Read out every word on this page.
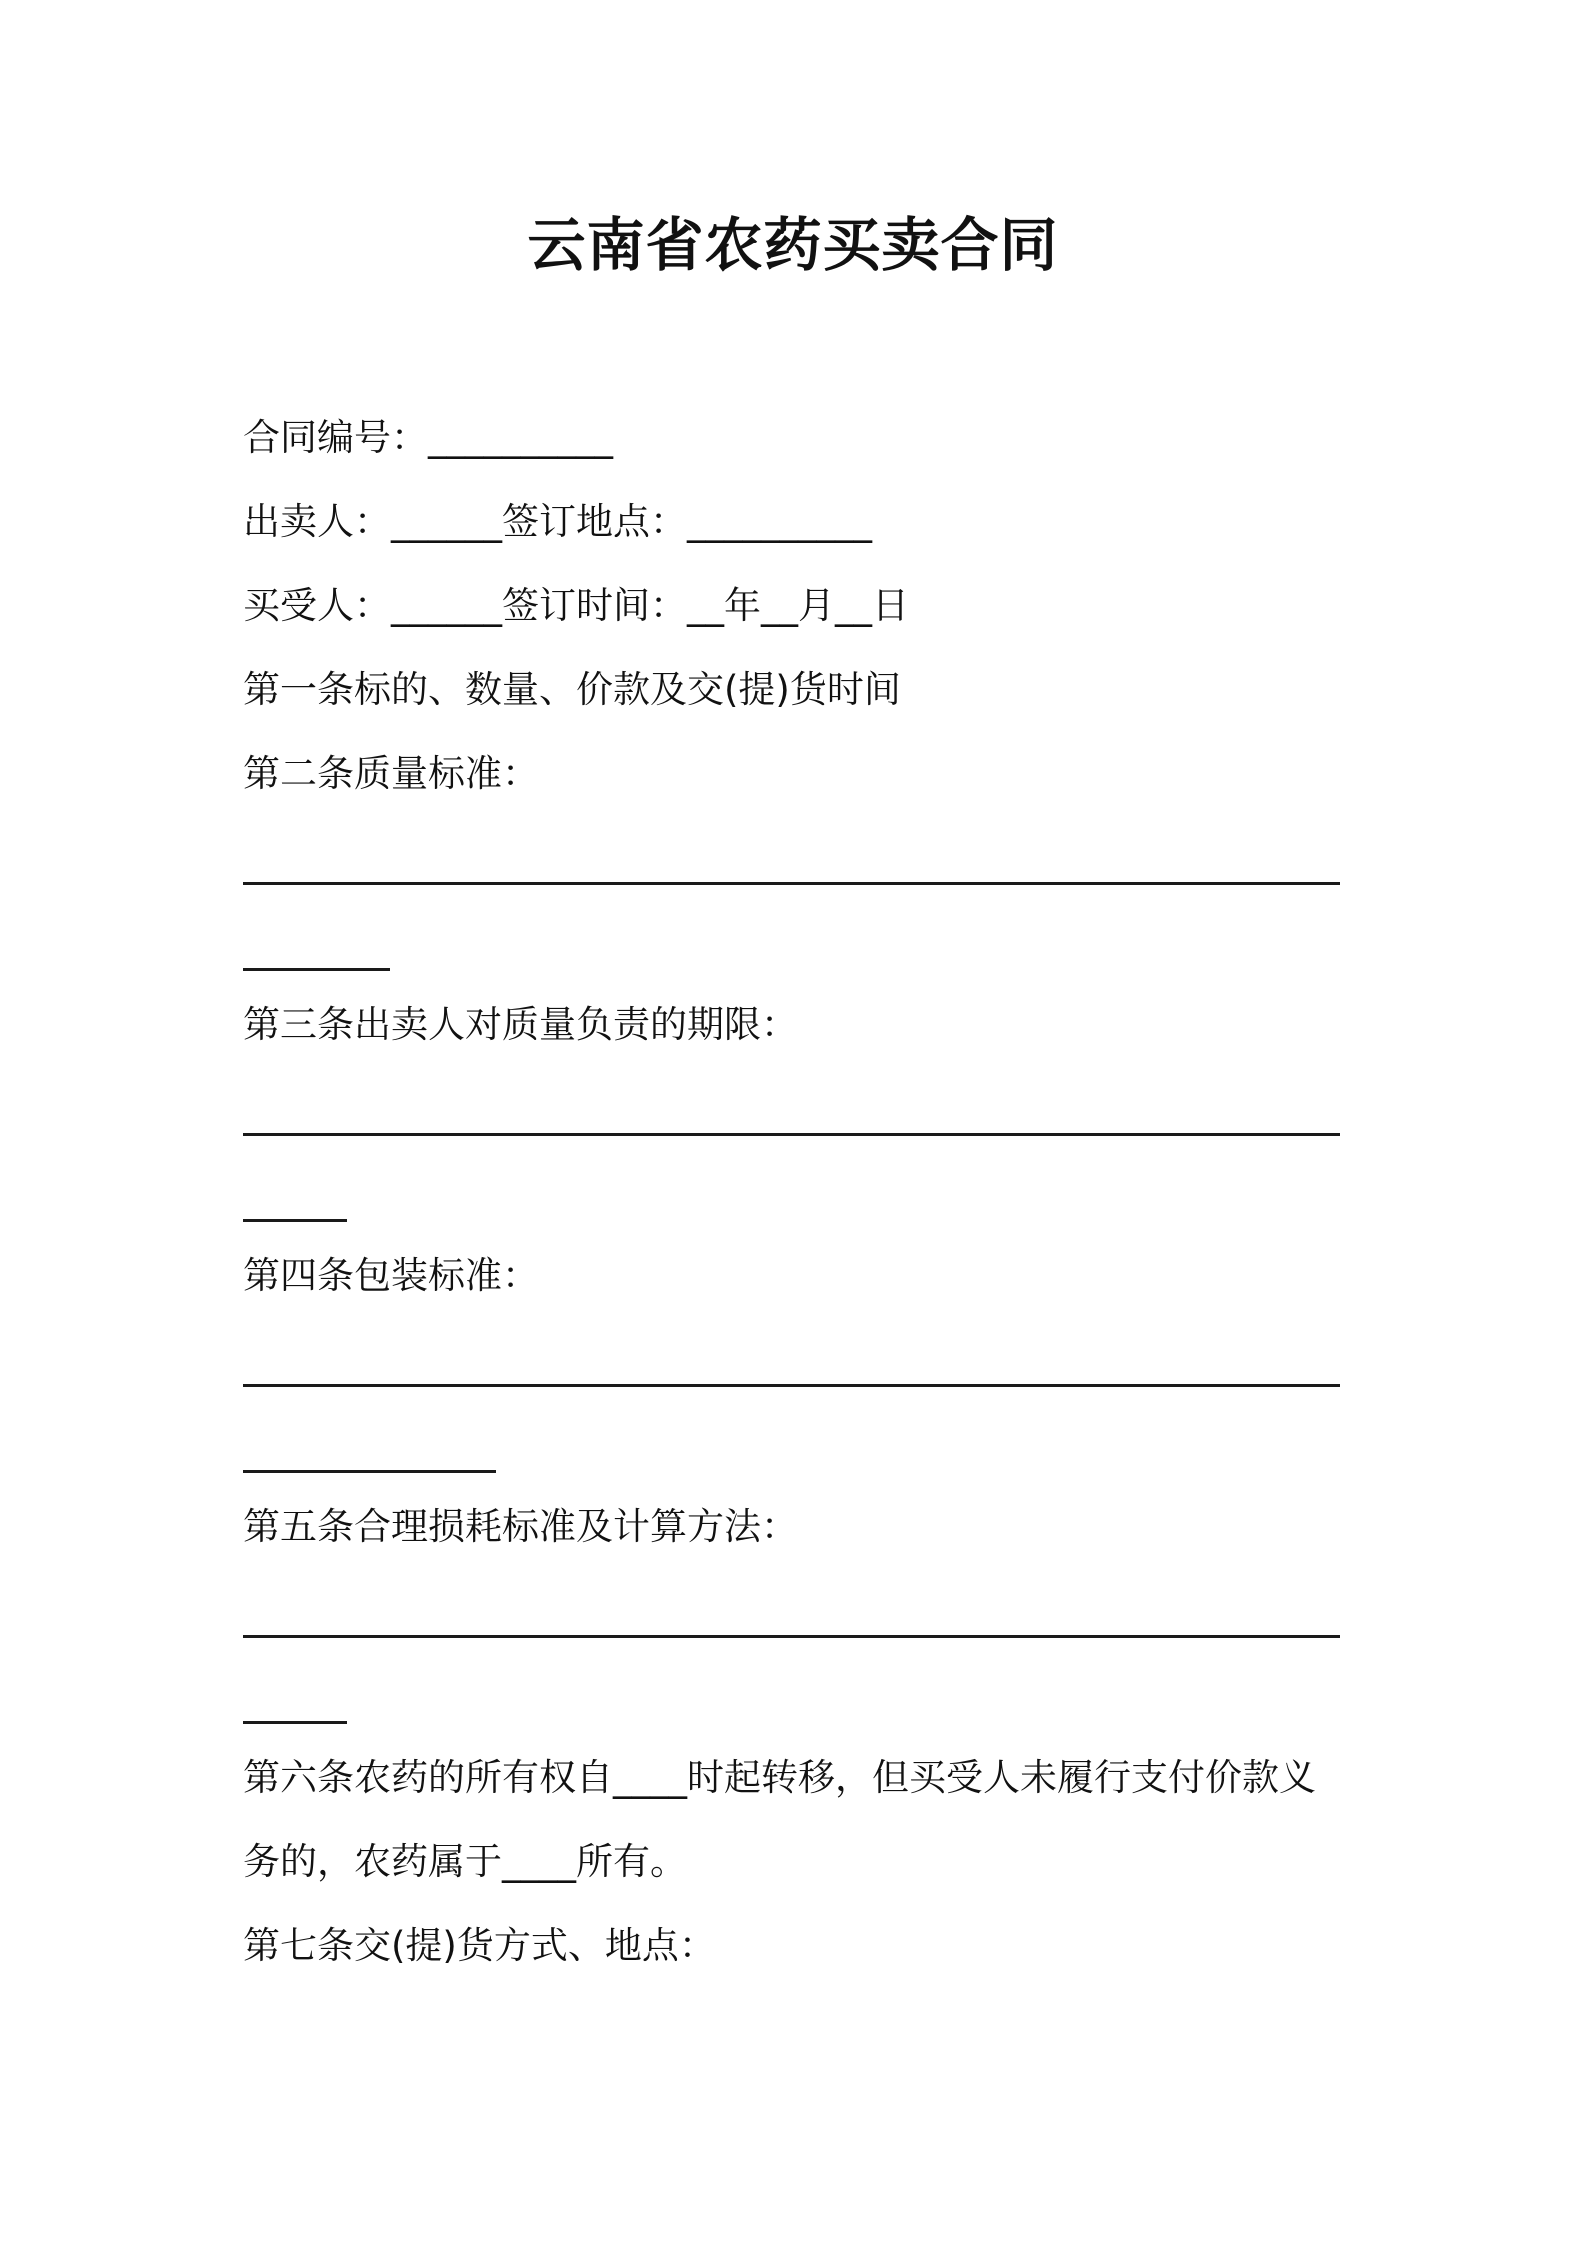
云南省农药买卖合同
合同编号：__________
出卖人：______签订地点：__________
买受人：______签订时间：__年__月__日
第一条标的、数量、价款及交(提)货时间
第二条质量标准：
第三条出卖人对质量负责的期限：
第四条包装标准：
第五条合理损耗标准及计算方法：
第六条农药的所有权自____时起转移，但买受人未履行支付价款义
务的，农药属于____所有。
第七条交(提)货方式、地点：
